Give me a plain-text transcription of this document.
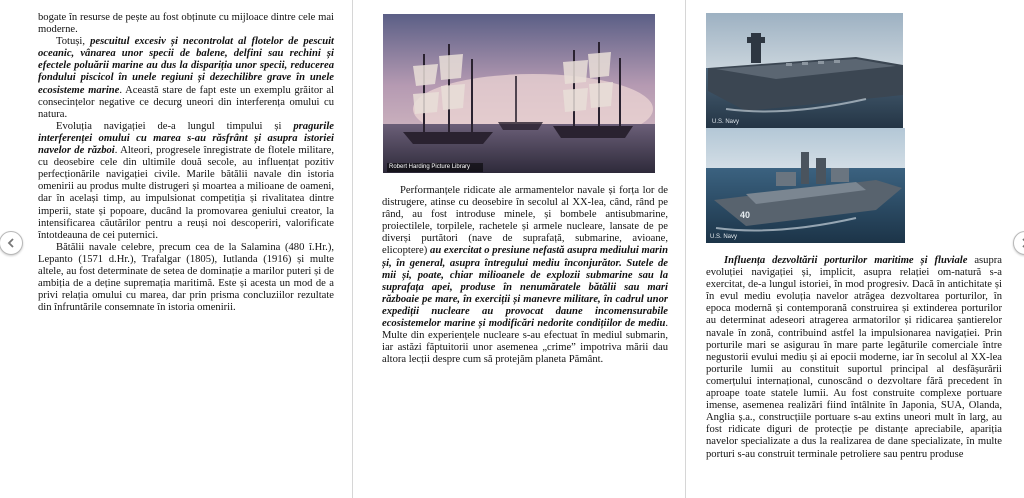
bogate în resurse de pește au fost obținute cu mijloace dintre cele mai moderne.

Totuși, pescuitul excesiv și necontrolat al flotelor de pescuit oceanic, vânarea unor specii de balene, delfini sau rechini și efectele poluării marine au dus la dispariția unor specii, reducerea fondului piscicol în unele regiuni și dezechilibre grave în unele ecosisteme marine. Această stare de fapt este un exemplu grăitor al consecințelor negative ce decurg uneori din interferența omului cu natura.

Evoluția navigației de-a lungul timpului și pragurile interferenței omului cu marea s-au răsfrânt și asupra istoriei navelor de război. Alteori, progresele înregistrate de flotele militare, cu deosebire cele din ultimile două secole, au influențat pozitiv perfecționările navigației civile. Marile bătălii navale din istoria omenirii au produs multe distrugeri și moartea a milioane de oameni, dar în același timp, au impulsionat competiția și rivalitatea dintre imperii, state și popoare, ducând la promovarea geniului creator, la intensificarea căutărilor pentru a reuși noi descoperiri, valorificate întotdeauna de cei puternici.

Bătălii navale celebre, precum cea de la Salamina (480 î.Hr.), Lepanto (1571 d.Hr.), Trafalgar (1805), Iutlanda (1916) și multe altele, au fost determinate de setea de dominație a marilor puteri și de ambiția de a deține supremația maritimă. Este și acesta un mod de a privi relația omului cu marea, dar prin prisma concluziilor rezultate din înfruntările consemnate în istoria omenirii.

Robert Harding Picture Library

Performanțele ridicate ale armamentelor navale și forța lor de distrugere, atinse cu deosebire în secolul al XX-lea, când, rând pe rând, au fost introduse minele, și bombele antisubmarine, proiectilele, torpilele, rachetele și armele nucleare, lansate de pe diverși purtători (nave de suprafață, submarine, avioane, elicoptere) au exercitat o presiune nefastă asupra mediului marin și, în general, asupra întregului mediu înconjurător. Sutele de mii și, poate, chiar milioanele de explozii submarine sau la suprafața apei, produse în nenumăratele bătălii sau mari războaie pe mare, în exerciții și manevre militare, în cadrul unor expediții nucleare au provocat daune incomensurabile ecosistemelor marine și modificări nedorite condițiilor de mediu. Multe din experiențele nucleare s-au efectuat în mediul submarin, iar astăzi făptuitorii unor asemenea „crime” impotriva mării dau altora lecții despre cum să protejăm planeta Pământ.

U.S. Navy
40
U.S. Navy

Influența dezvoltării porturilor maritime și fluviale asupra evoluției navigației și, implicit, asupra relației om-natură s-a exercitat, de-a lungul istoriei, în mod progresiv. Dacă în antichitate și în evul mediu evoluția navelor atrăgea dezvoltarea porturilor, în epoca modernă și contemporană construirea și extinderea porturilor au determinat adeseori atragerea armatorilor și ridicarea șantierelor navale în zonă, contribuind astfel la impulsionarea navigației. Prin porturile mari se asigurau în mare parte legăturile comerciale între negustorii evului mediu și ai epocii moderne, iar în secolul al XX-lea porturile lumii au constituit suportul principal al desfășurării comerțului internațional, cunoscând o dezvoltare fără precedent în aproape toate statele lumii. Au fost construite complexe portuare imense, asemenea realizări fiind întâlnite în Japonia, SUA, Olanda, Anglia ș.a., construcțiile portuare s-au extins uneori mult în larg, au fost ridicate diguri de protecție pe distanțe apreciabile, apariția navelor specializate a dus la realizarea de dane specializate, în multe porturi s-au construit terminale petroliere sau pentru produse
